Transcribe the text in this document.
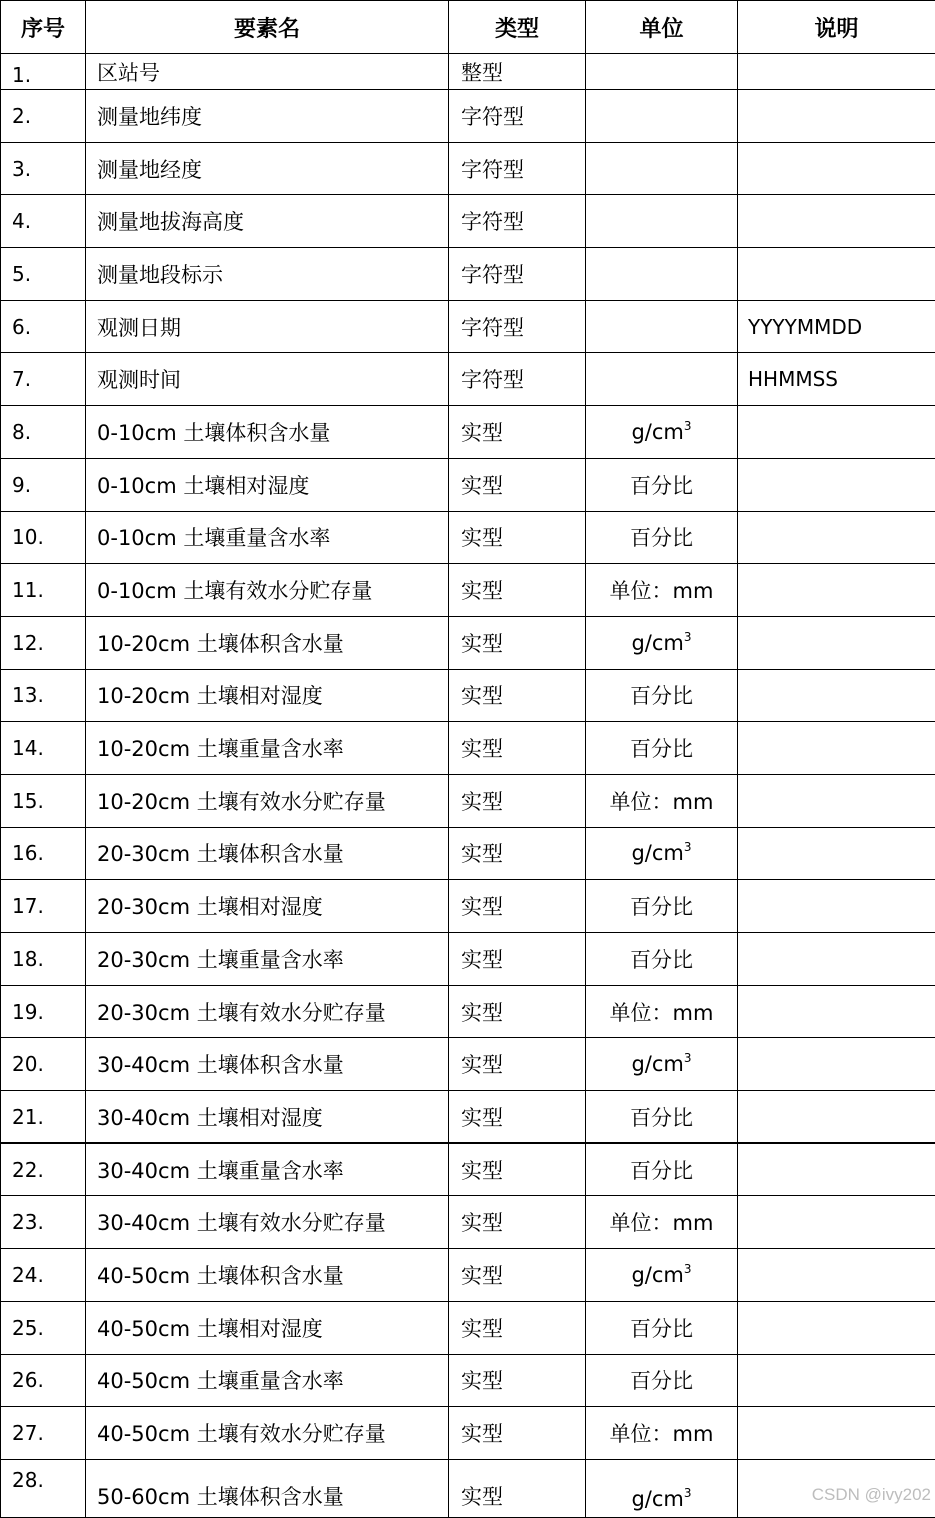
序号	要素名	类型	单位	说明
1.	区站号	整型		
2.	测量地纬度	字符型		
3.	测量地经度	字符型		
4.	测量地拔海高度	字符型		
5.	测量地段标示	字符型		
6.	观测日期	字符型		YYYYMMDD
7.	观测时间	字符型		HHMMSS
8.	0-10cm 土壤体积含水量	实型	$g/cm^3$	
9.	0-10cm 土壤相对湿度	实型	百分比	
10.	0-10cm 土壤重量含水率	实型	百分比	
11.	0-10cm 土壤有效水分贮存量	实型	单位：mm	
12.	10-20cm 土壤体积含水量	实型	$g/cm^3$	
13.	10-20cm 土壤相对湿度	实型	百分比	
14.	10-20cm 土壤重量含水率	实型	百分比	
15.	10-20cm 土壤有效水分贮存量	实型	单位：mm	
16.	20-30cm 土壤体积含水量	实型	$g/cm^3$	
17.	20-30cm 土壤相对湿度	实型	百分比	
18.	20-30cm 土壤重量含水率	实型	百分比	
19.	20-30cm 土壤有效水分贮存量	实型	单位：mm	
20.	30-40cm 土壤体积含水量	实型	$g/cm^3$	
21.	30-40cm 土壤相对湿度	实型	百分比	
22.	30-40cm 土壤重量含水率	实型	百分比	
23.	30-40cm 土壤有效水分贮存量	实型	单位：mm	
24.	40-50cm 土壤体积含水量	实型	$g/cm^3$	
25.	40-50cm 土壤相对湿度	实型	百分比	
26.	40-50cm 土壤重量含水率	实型	百分比	
27.	40-50cm 土壤有效水分贮存量	实型	单位：mm	
28.	50-60cm 土壤体积含水量	实型	$g/cm^3$		CSDN @ivy202
